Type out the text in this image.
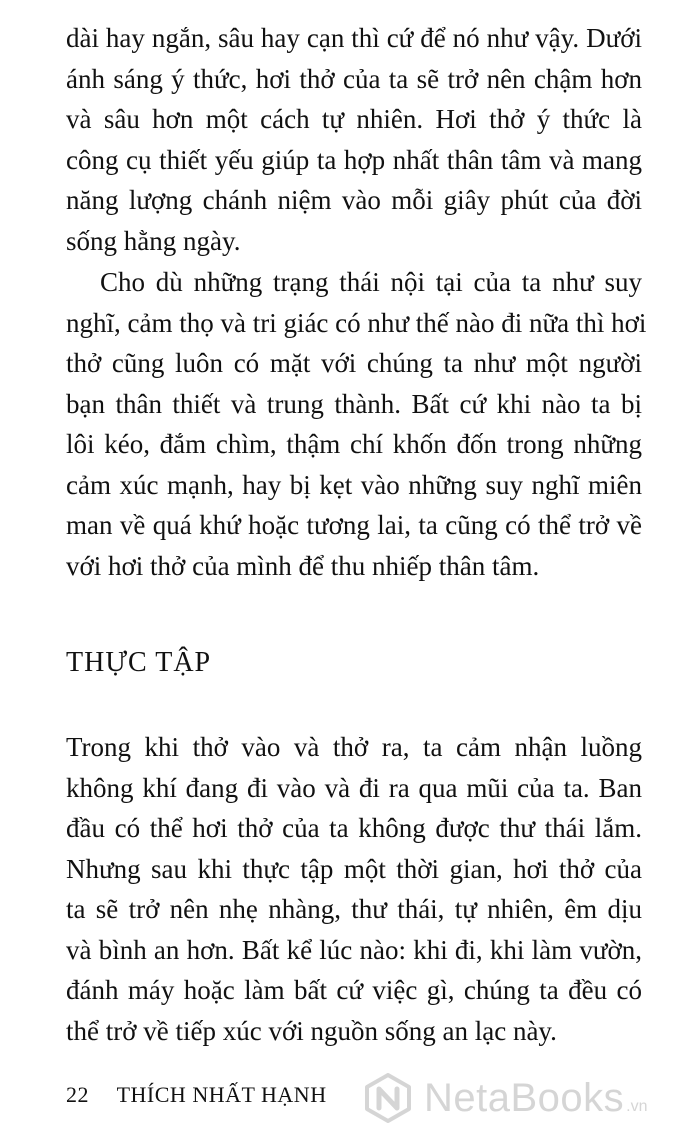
dài hay ngắn, sâu hay cạn thì cứ để nó như vậy. Dưới
ánh sáng ý thức, hơi thở của ta sẽ trở nên chậm hơn
và sâu hơn một cách tự nhiên. Hơi thở ý thức là
công cụ thiết yếu giúp ta hợp nhất thân tâm và mang
năng lượng chánh niệm vào mỗi giây phút của đời
sống hằng ngày.

Cho dù những trạng thái nội tại của ta như suy
nghĩ, cảm thọ và tri giác có như thế nào đi nữa thì hơi
thở cũng luôn có mặt với chúng ta như một người
bạn thân thiết và trung thành. Bất cứ khi nào ta bị
lôi kéo, đắm chìm, thậm chí khốn đốn trong những
cảm xúc mạnh, hay bị kẹt vào những suy nghĩ miên
man về quá khứ hoặc tương lai, ta cũng có thể trở về
với hơi thở của mình để thu nhiếp thân tâm.

THỰC TẬP

Trong khi thở vào và thở ra, ta cảm nhận luồng
không khí đang đi vào và đi ra qua mũi của ta. Ban
đầu có thể hơi thở của ta không được thư thái lắm.
Nhưng sau khi thực tập một thời gian, hơi thở của
ta sẽ trở nên nhẹ nhàng, thư thái, tự nhiên, êm dịu
và bình an hơn. Bất kể lúc nào: khi đi, khi làm vườn,
đánh máy hoặc làm bất cứ việc gì, chúng ta đều có
thể trở về tiếp xúc với nguồn sống an lạc này.

22 THÍCH NHẤT HẠNH NetaBooks .vn
